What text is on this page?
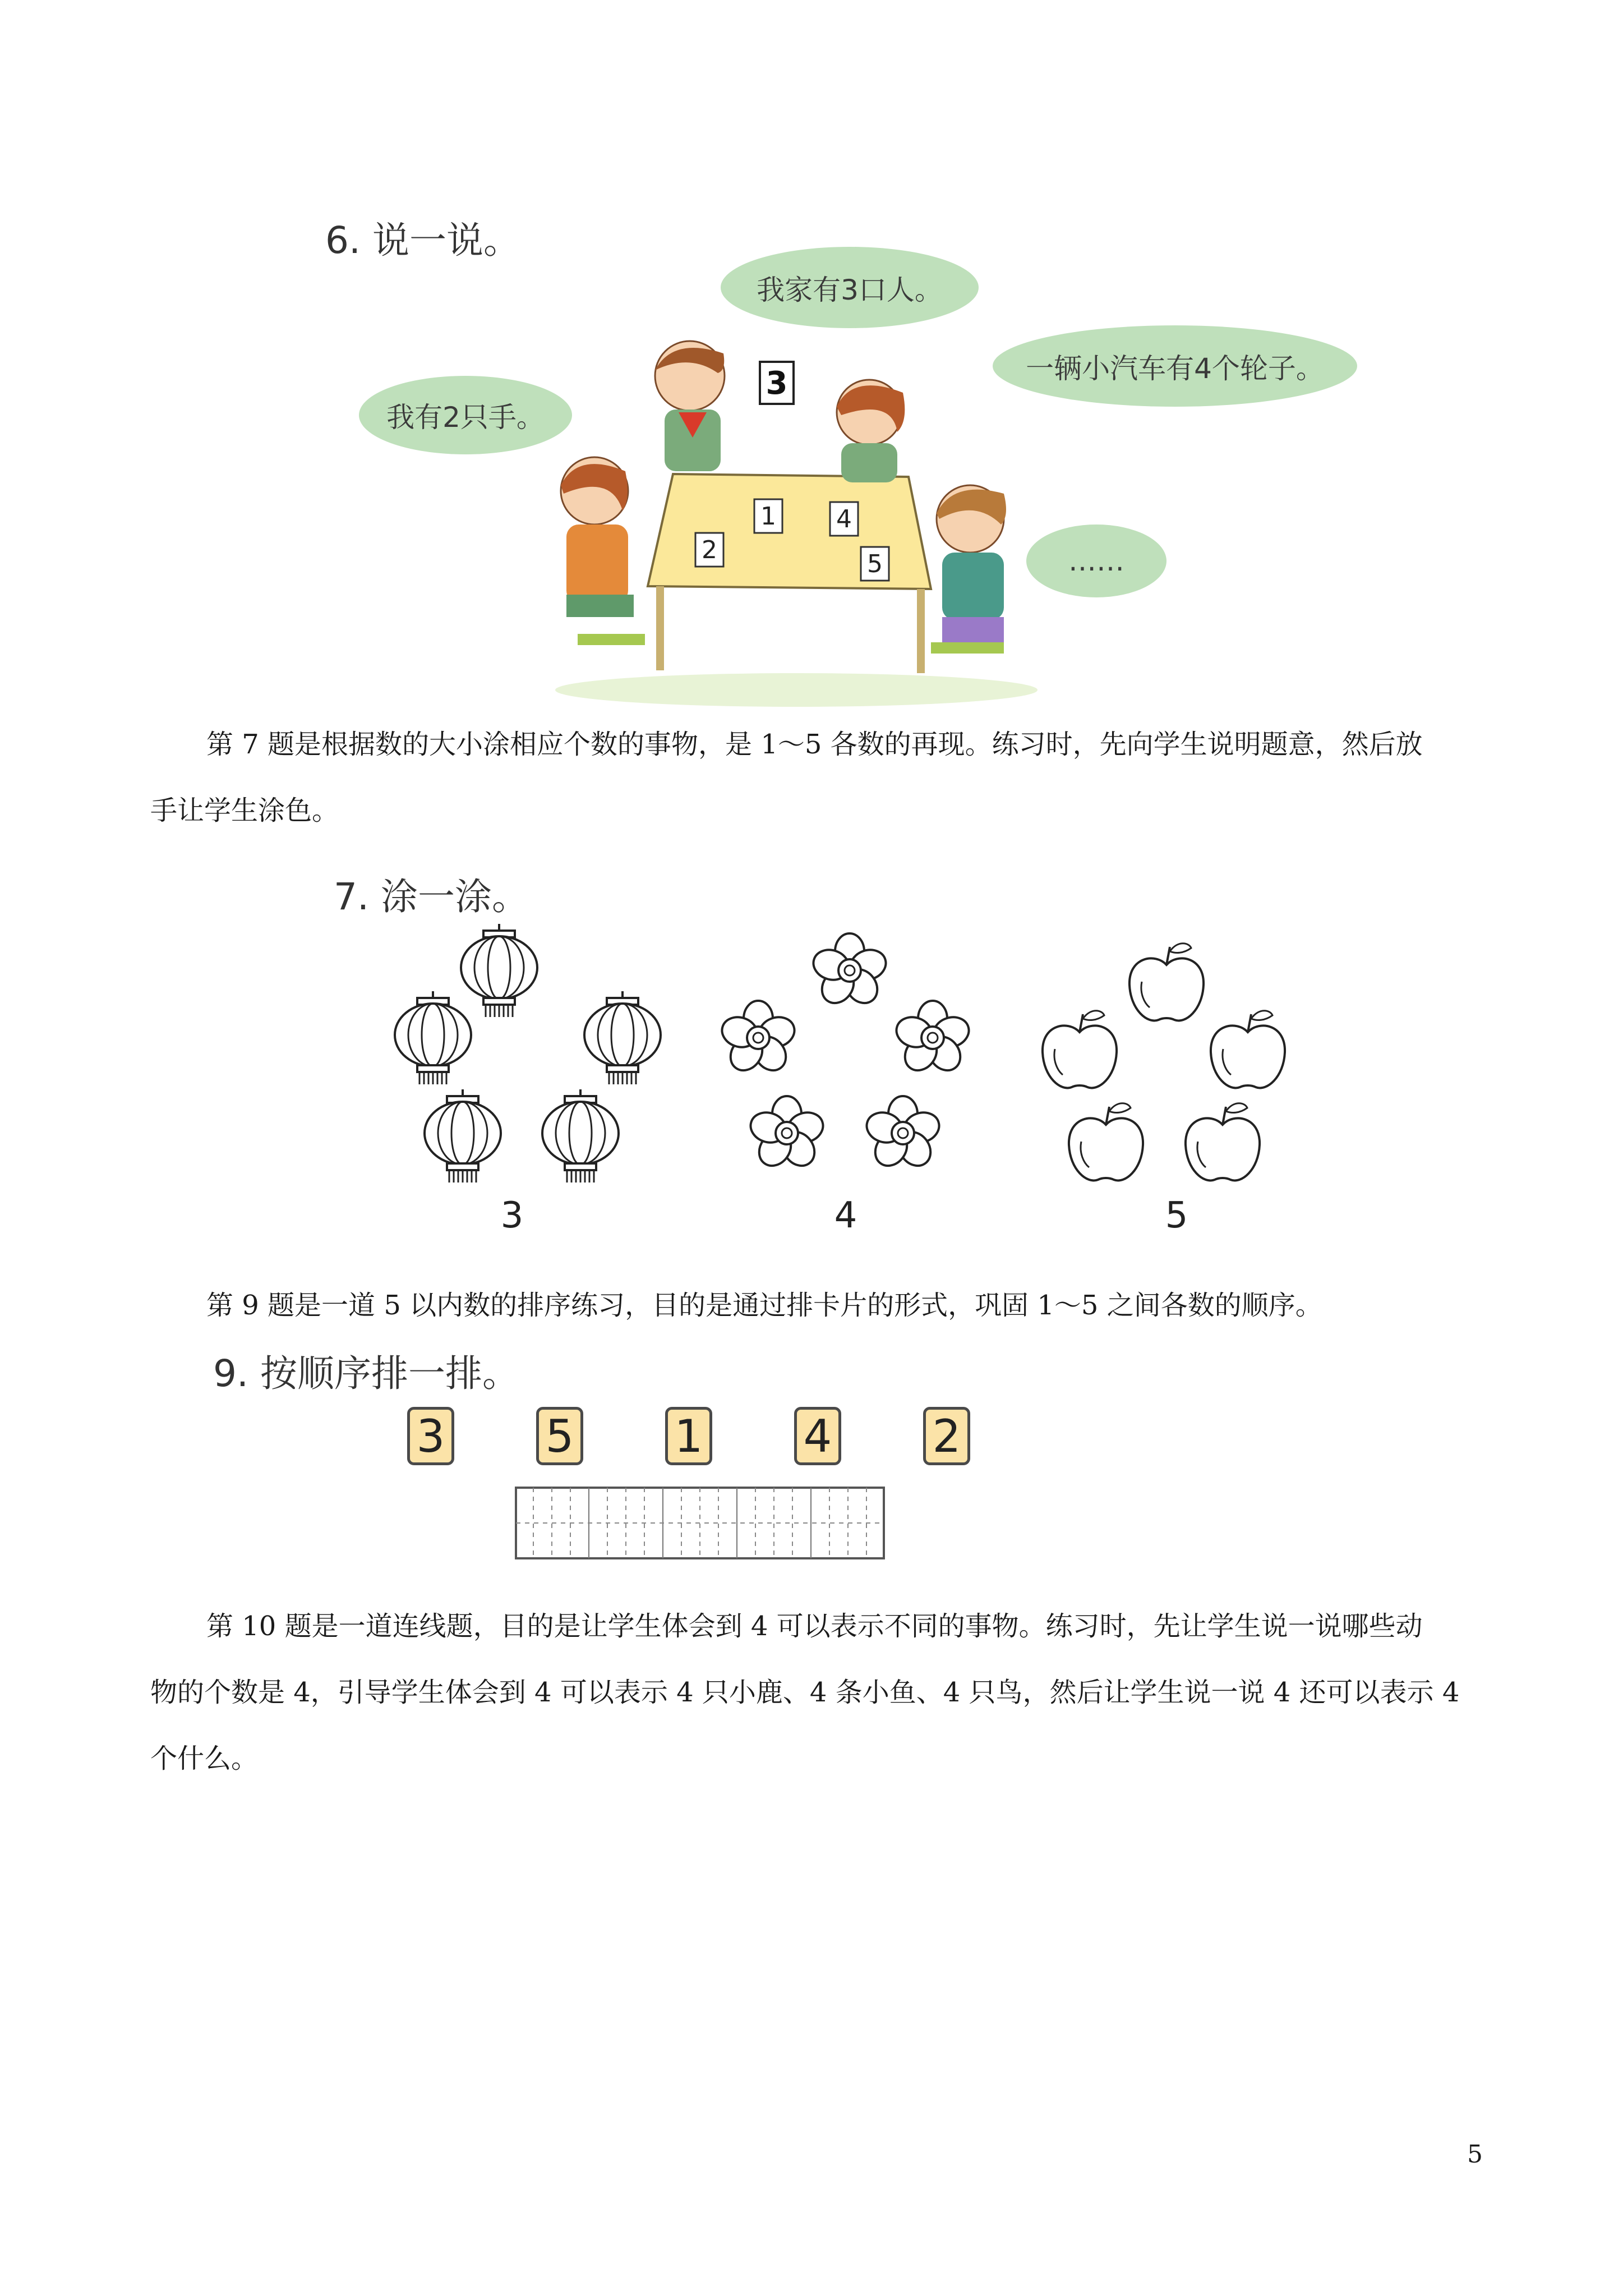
6. 说一说。
我家有3口人。
一辆小汽车有4个轮子。
我有2只手。
……
1 4
2	5
3
第 7 题是根据数的大小涂相应个数的事物，是 1～5 各数的再现。练习时，先向学生说明题意，然后放
手让学生涂色。
7. 涂一涂。
3	4	5
第 9 题是一道 5 以内数的排序练习，目的是通过排卡片的形式，巩固 1～5 之间各数的顺序。
9. 按顺序排一排。
3 5 1 4 2
第 10 题是一道连线题，目的是让学生体会到 4 可以表示不同的事物。练习时，先让学生说一说哪些动
物的个数是 4，引导学生体会到 4 可以表示 4 只小鹿、4 条小鱼、4 只鸟，然后让学生说一说 4 还可以表示 4
个什么。
5
